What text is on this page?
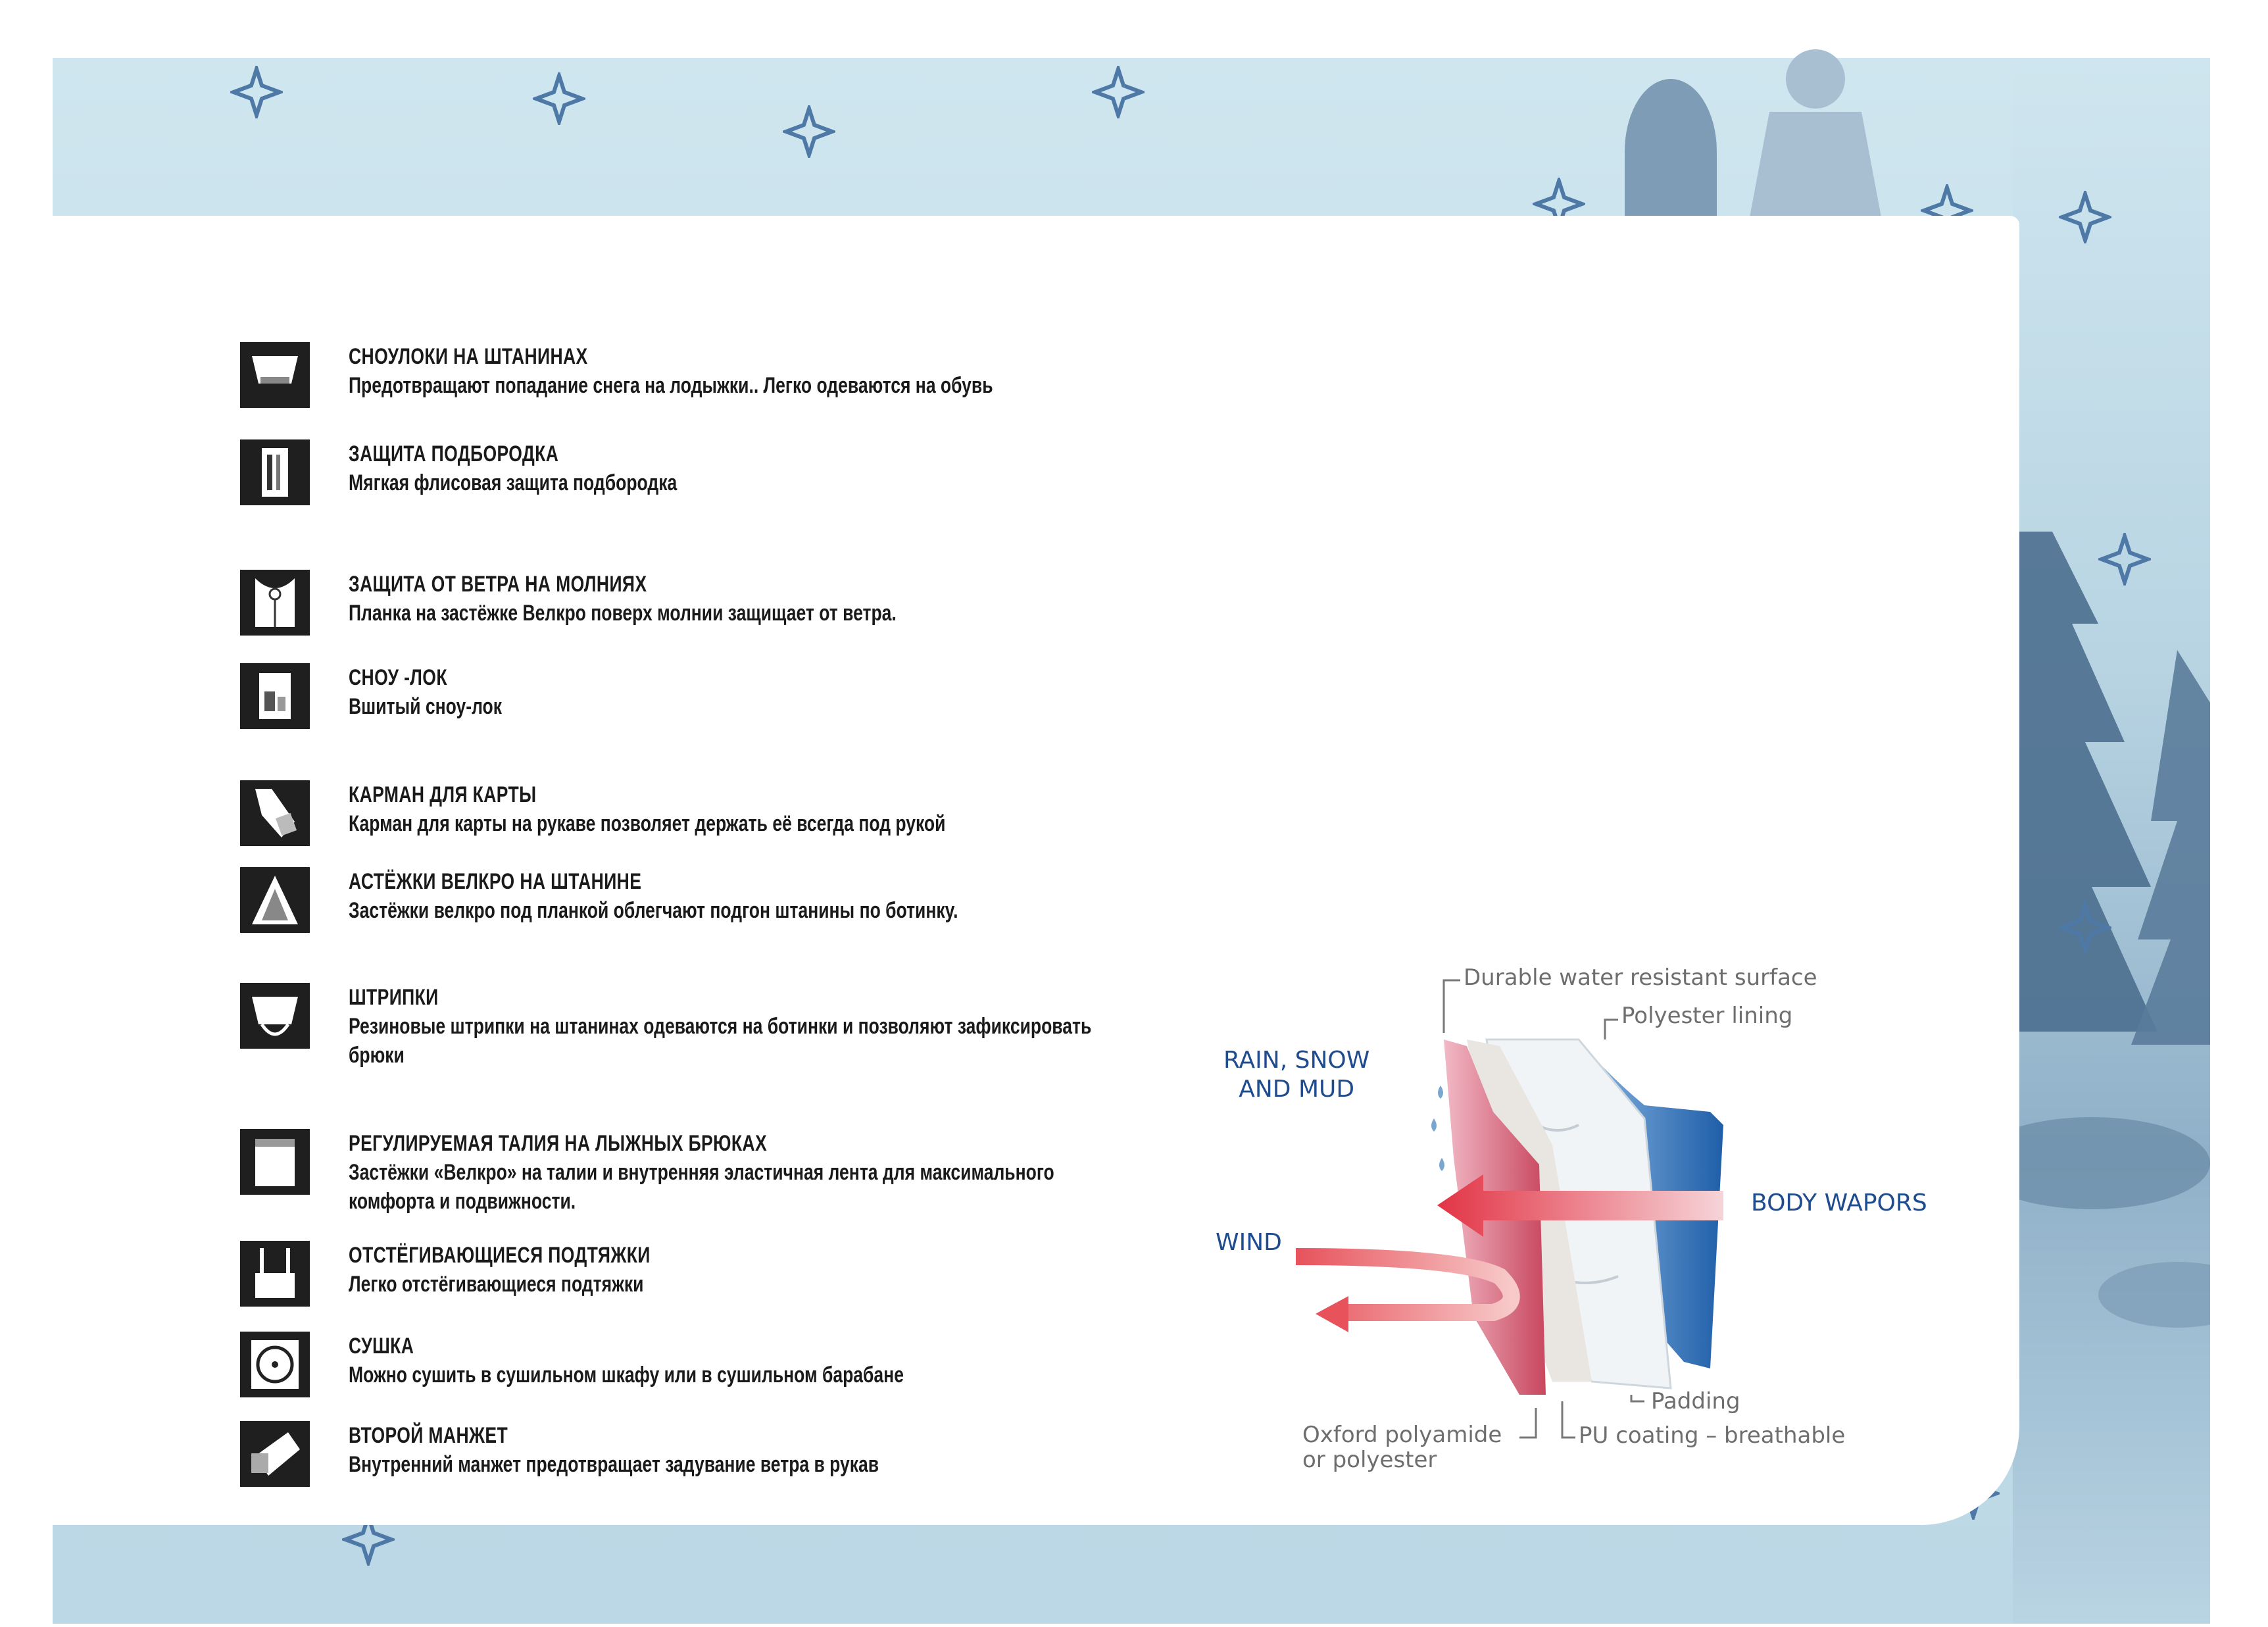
СНОУЛОКИ НА ШТАНИНАХ
Предотвращают попадание снега на лодыжки.. Легко одеваются на обувь
ЗАЩИТА ПОДБОРОДКА
Мягкая флисовая защита подбородка
ЗАЩИТА ОТ ВЕТРА НА МОЛНИЯХ
Планка на застёжке Велкро поверх молнии защищает от ветра.
СНОУ -ЛОК
Вшитый сноу-лок
КАРМАН ДЛЯ КАРТЫ
Карман для карты на рукаве позволяет держать её всегда под рукой
АСТЁЖКИ ВЕЛКРО НА ШТАНИНЕ
Застёжки велкро под планкой облегчают подгон штанины по ботинку.
ШТРИПКИ
Резиновые штрипки на штанинах одеваются на ботинки и позволяют зафиксировать брюки
РЕГУЛИРУЕМАЯ ТАЛИЯ НА ЛЫЖНЫХ БРЮКАХ
Застёжки «Велкро» на талии и внутренняя эластичная лента для максимального комфорта и подвижности.
ОТСТЁГИВАЮЩИЕСЯ ПОДТЯЖКИ
Легко отстёгивающиеся подтяжки
СУШКА
Можно сушить в сушильном шкафу или в сушильном барабане
ВТОРОЙ МАНЖЕТ
Внутренний манжет предотвращает задувание ветра в рукав
Durable water resistant surface
Polyester lining
RAIN, SNOW
AND MUD
BODY WAPORS
WIND
Padding
Oxford polyamide
or polyester
PU coating – breathable
